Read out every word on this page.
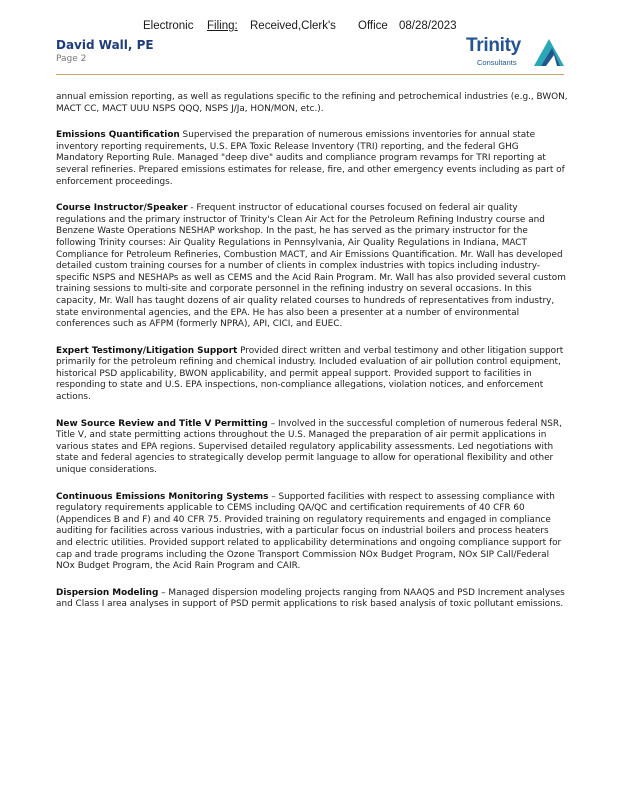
Electronic Filing: Received,Clerk's Office 08/28/2023
David Wall, PE
Page 2
Trinity
Consultants

annual emission reporting, as well as regulations specific to the refining and petrochemical industries (e.g., BWON, MACT CC, MACT UUU NSPS QQQ, NSPS J/Ja, HON/MON, etc.).

Emissions Quantification Supervised the preparation of numerous emissions inventories for annual state inventory reporting requirements, U.S. EPA Toxic Release Inventory (TRI) reporting, and the federal GHG Mandatory Reporting Rule. Managed "deep dive" audits and compliance program revamps for TRI reporting at several refineries. Prepared emissions estimates for release, fire, and other emergency events including as part of enforcement proceedings.

Course Instructor/Speaker - Frequent instructor of educational courses focused on federal air quality regulations and the primary instructor of Trinity's Clean Air Act for the Petroleum Refining Industry course and Benzene Waste Operations NESHAP workshop. In the past, he has served as the primary instructor for the following Trinity courses: Air Quality Regulations in Pennsylvania, Air Quality Regulations in Indiana, MACT Compliance for Petroleum Refineries, Combustion MACT, and Air Emissions Quantification. Mr. Wall has developed detailed custom training courses for a number of clients in complex industries with topics including industry-specific NSPS and NESHAPs as well as CEMS and the Acid Rain Program. Mr. Wall has also provided several custom training sessions to multi-site and corporate personnel in the refining industry on several occasions. In this capacity, Mr. Wall has taught dozens of air quality related courses to hundreds of representatives from industry, state environmental agencies, and the EPA. He has also been a presenter at a number of environmental conferences such as AFPM (formerly NPRA), API, CICI, and EUEC.

Expert Testimony/Litigation Support Provided direct written and verbal testimony and other litigation support primarily for the petroleum refining and chemical industry. Included evaluation of air pollution control equipment, historical PSD applicability, BWON applicability, and permit appeal support. Provided support to facilities in responding to state and U.S. EPA inspections, non-compliance allegations, violation notices, and enforcement actions.

New Source Review and Title V Permitting – Involved in the successful completion of numerous federal NSR, Title V, and state permitting actions throughout the U.S. Managed the preparation of air permit applications in various states and EPA regions. Supervised detailed regulatory applicability assessments. Led negotiations with state and federal agencies to strategically develop permit language to allow for operational flexibility and other unique considerations.

Continuous Emissions Monitoring Systems – Supported facilities with respect to assessing compliance with regulatory requirements applicable to CEMS including QA/QC and certification requirements of 40 CFR 60 (Appendices B and F) and 40 CFR 75. Provided training on regulatory requirements and engaged in compliance auditing for facilities across various industries, with a particular focus on industrial boilers and process heaters and electric utilities. Provided support related to applicability determinations and ongoing compliance support for cap and trade programs including the Ozone Transport Commission NOx Budget Program, NOx SIP Call/Federal NOx Budget Program, the Acid Rain Program and CAIR.

Dispersion Modeling – Managed dispersion modeling projects ranging from NAAQS and PSD Increment analyses and Class I area analyses in support of PSD permit applications to risk based analysis of toxic pollutant emissions.
